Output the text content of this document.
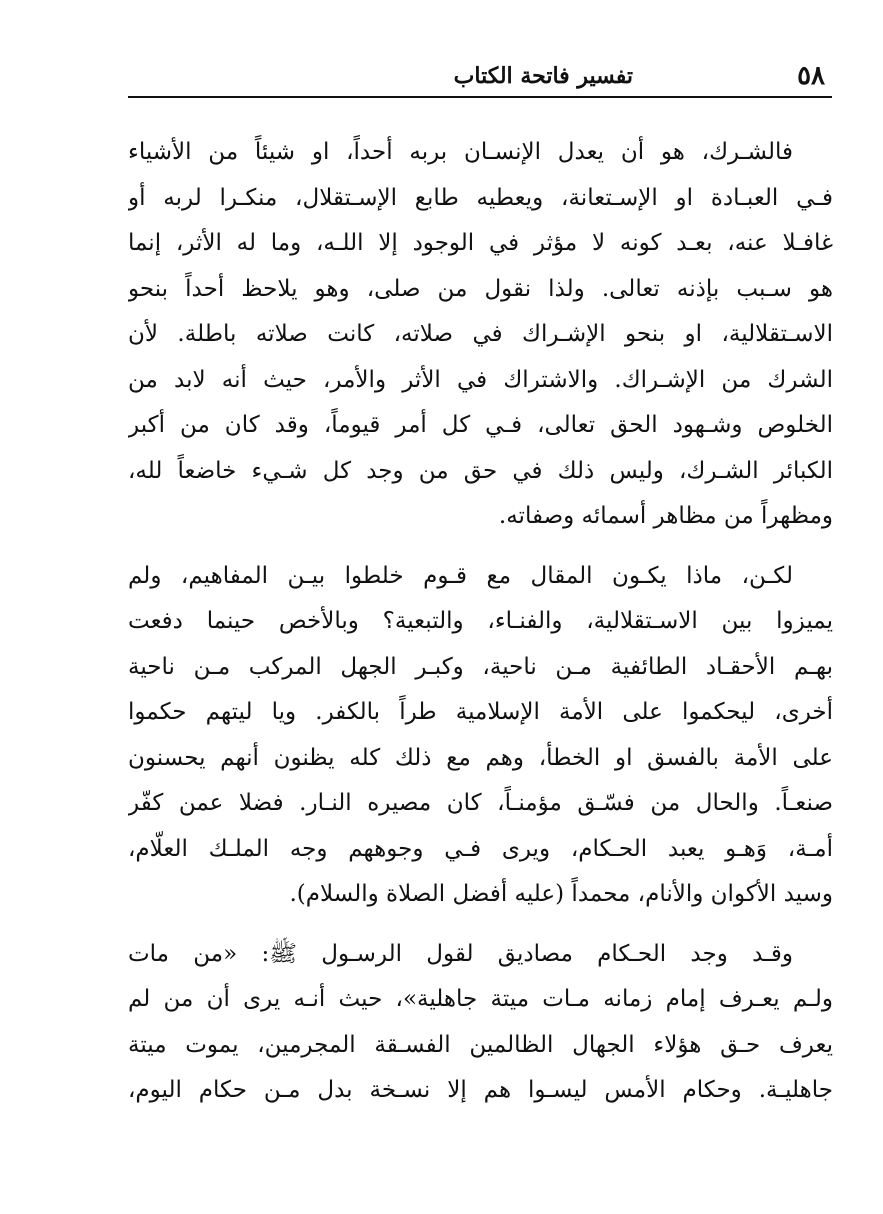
٥٨
تفسير فاتحة الكتاب
فالشـرك، هو أن يعدل الإنسـان بربه أحداً، او شيئاً من الأشياء
فـي العبـادة او الإسـتعانة، ويعطيه طابع الإسـتقلال، منكـرا لربه أو
غافـلا عنه، بعـد كونه لا مؤثر في الوجود إلا اللـه، وما له الأثر، إنما
هو سـبب بإذنه تعالى. ولذا نقول من صلى، وهو يلاحظ أحداً بنحو
الاسـتقلالية، او بنحو الإشـراك في صلاته، كانت صلاته باطلة. لأن
الشرك من الإشـراك. والاشتراك في الأثر والأمر، حيث أنه لابد من
الخلوص وشـهود الحق تعالى، فـي كل أمر قيوماً، وقد كان من أكبر
الكبائر الشـرك، وليس ذلك في حق من وجد كل شـيء خاضعاً لله،
ومظهراً من مظاهر أسمائه وصفاته.
لكـن، ماذا يكـون المقال مع قـوم خلطوا بيـن المفاهيم، ولم
يميزوا بين الاسـتقلالية، والفنـاء، والتبعية؟ وبالأخص حينما دفعت
بهـم الأحقـاد الطائفية مـن ناحية، وكبـر الجهل المركب مـن ناحية
أخرى، ليحكموا على الأمة الإسلامية طراً بالكفر. ويا ليتهم حكموا
على الأمة بالفسق او الخطأ، وهم مع ذلك كله يظنون أنهم يحسنون
صنعـاً. والحال من فسّـق مؤمنـاً، كان مصيره النـار. فضلا عمن كفّر
أمـة، وَهـو يعبد الحـكام، ويرى فـي وجوههم وجه الملـك العلّام،
وسيد الأكوان والأنام، محمداً (عليه أفضل الصلاة والسلام).
وقـد وجد الحـكام مصاديق لقول الرسـول ﷺ: «من مات
ولـم يعـرف إمام زمانه مـات ميتة جاهلية»، حيث أنـه يرى أن من لم
يعرف حـق هؤلاء الجهال الظالمين الفسـقة المجرمين، يموت ميتة
جاهليـة. وحكام الأمس ليسـوا هم إلا نسـخة بدل مـن حكام اليوم،
